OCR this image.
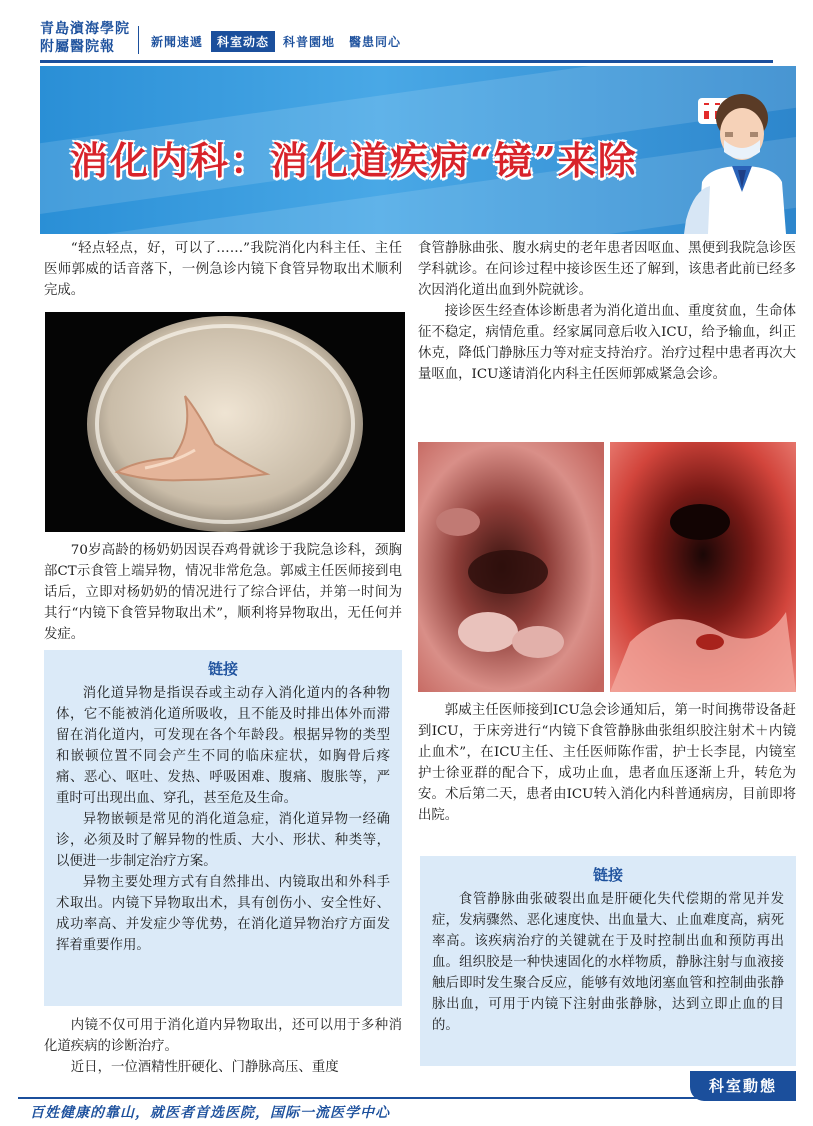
青島濱海學院
附屬醫院報	新聞速遞	科室动态	科普園地	醫患同心
消化内科：消化道疾病“镜”来除

“轻点轻点，好，可以了……”我院消化内科主任、主任医师郭威的话音落下，一例急诊内镜下食管异物取出术顺利完成。

70岁高龄的杨奶奶因误吞鸡骨就诊于我院急诊科，颈胸部CT示食管上端异物，情况非常危急。郭威主任医师接到电话后，立即对杨奶奶的情况进行了综合评估，并第一时间为其行“内镜下食管异物取出术”，顺利将异物取出，无任何并发症。

链接

消化道异物是指误吞或主动存入消化道内的各种物体，它不能被消化道所吸收，且不能及时排出体外而滞留在消化道内，可发现在各个年龄段。根据异物的类型和嵌顿位置不同会产生不同的临床症状，如胸骨后疼痛、恶心、呕吐、发热、呼吸困难、腹痛、腹胀等，严重时可出现出血、穿孔，甚至危及生命。

异物嵌顿是常见的消化道急症，消化道异物一经确诊，必须及时了解异物的性质、大小、形状、种类等，以便进一步制定治疗方案。

异物主要处理方式有自然排出、内镜取出和外科手术取出。内镜下异物取出术，具有创伤小、安全性好、成功率高、并发症少等优势，在消化道异物治疗方面发挥着重要作用。

内镜不仅可用于消化道内异物取出，还可以用于多种消化道疾病的诊断治疗。

近日，一位酒精性肝硬化、门静脉高压、重度

食管静脉曲张、腹水病史的老年患者因呕血、黑便到我院急诊医学科就诊。在问诊过程中接诊医生还了解到，该患者此前已经多次因消化道出血到外院就诊。

接诊医生经查体诊断患者为消化道出血、重度贫血，生命体征不稳定，病情危重。经家属同意后收入ICU，给予输血，纠正休克，降低门静脉压力等对症支持治疗。治疗过程中患者再次大量呕血，ICU遂请消化内科主任医师郭威紧急会诊。

郭威主任医师接到ICU急会诊通知后，第一时间携带设备赶到ICU，于床旁进行“内镜下食管静脉曲张组织胶注射术＋内镜止血术”，在ICU主任、主任医师陈作雷，护士长李昆，内镜室护士徐亚群的配合下，成功止血，患者血压逐渐上升，转危为安。术后第二天，患者由ICU转入消化内科普通病房，目前即将出院。

链接

食管静脉曲张破裂出血是肝硬化失代偿期的常见并发症，发病骤然、恶化速度快、出血量大、止血难度高，病死率高。该疾病治疗的关键就在于及时控制出血和预防再出血。组织胶是一种快速固化的水样物质，静脉注射与血液接触后即时发生聚合反应，能够有效地闭塞血管和控制曲张静脉出血，可用于内镜下注射曲张静脉，达到立即止血的目的。

科室動態
百姓健康的靠山，就医者首选医院，国际一流医学中心
